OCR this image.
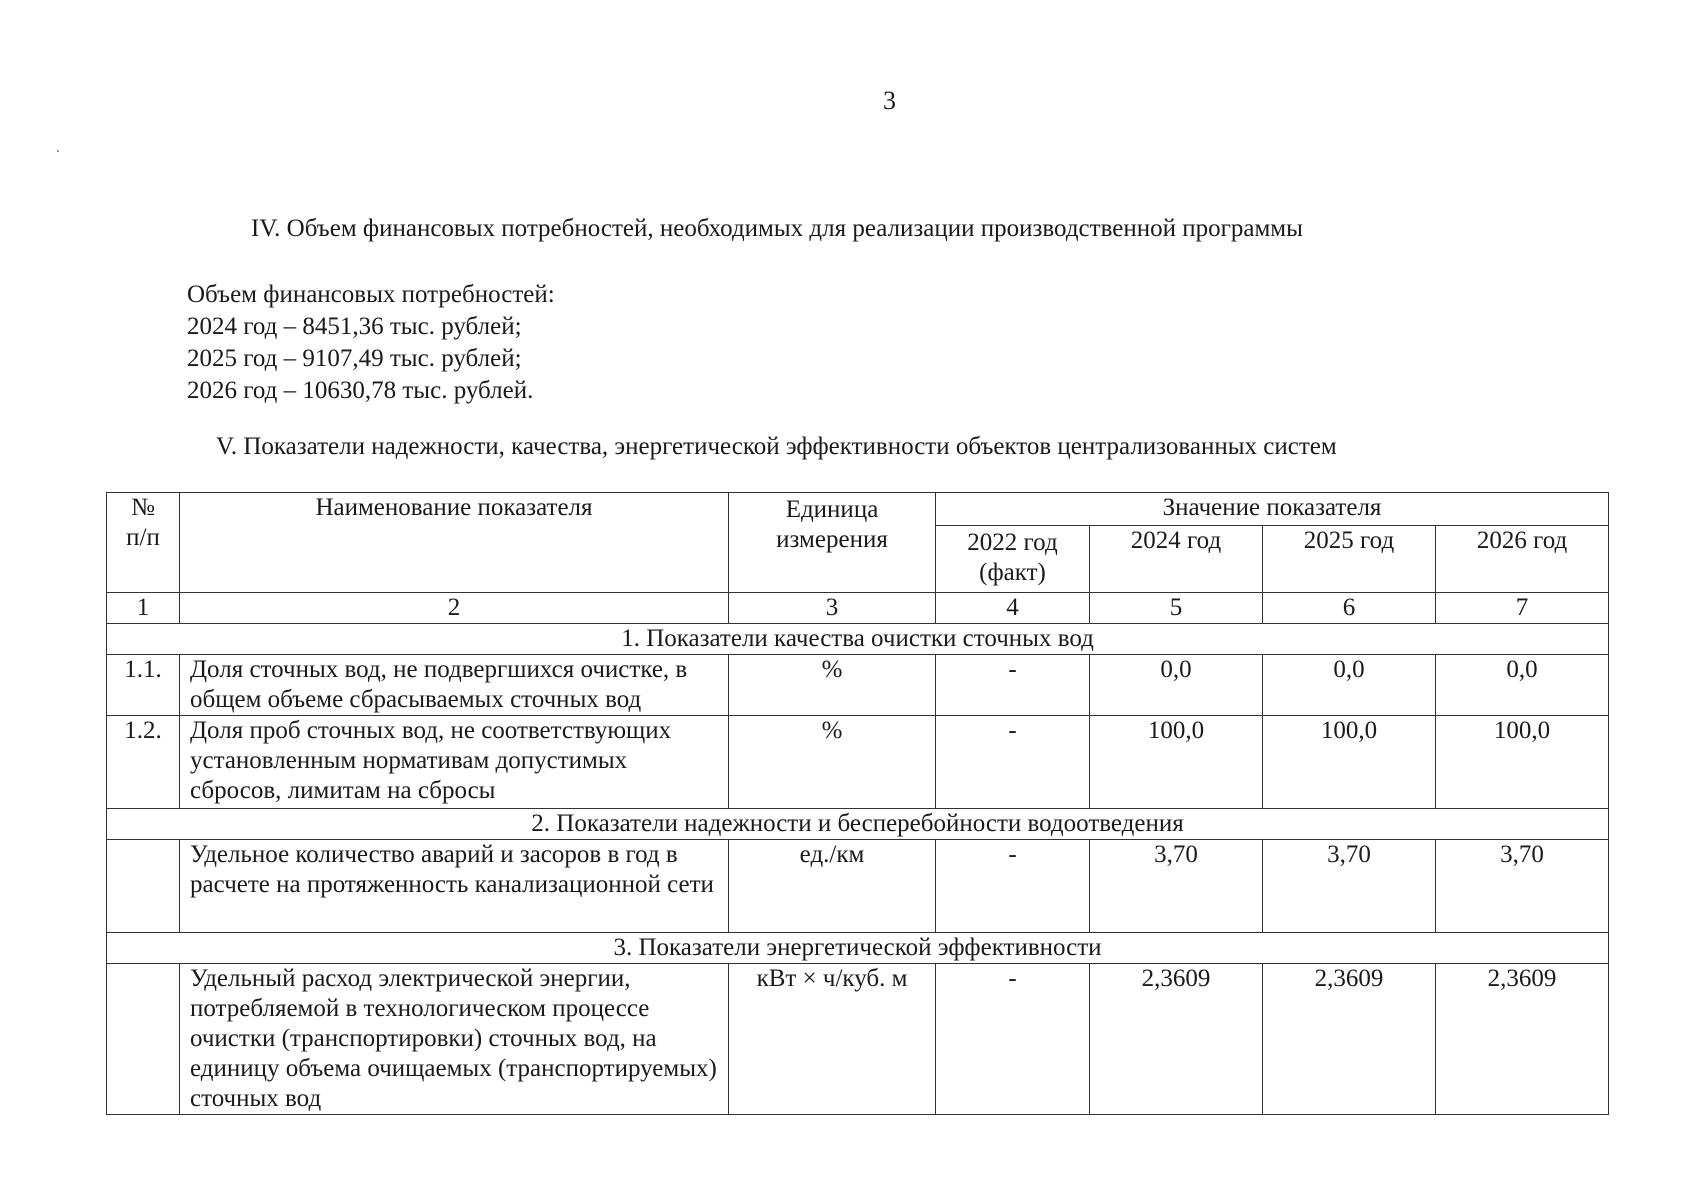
3
IV. Объем финансовых потребностей, необходимых для реализации производственной программы
Объем финансовых потребностей:
2024 год – 8451,36 тыс. рублей;
2025 год – 9107,49 тыс. рублей;
2026 год – 10630,78 тыс. рублей.
V. Показатели надежности, качества, энергетической эффективности объектов централизованных систем
№
п/п	Наименование показателя	Единица измерения	Значение показателя			
			2022 год (факт)	2024 год	2025 год	2026 год
1	2	3	4	5	6	7
1. Показатели качества очистки сточных вод						
1.1.	Доля сточных вод, не подвергшихся очистке, в общем объеме сбрасываемых сточных вод	%	-	0,0	0,0	0,0
1.2.	Доля проб сточных вод, не соответствующих установленным нормативам допустимых сбросов, лимитам на сбросы	%	-	100,0	100,0	100,0
2. Показатели надежности и бесперебойности водоотведения						
	Удельное количество аварий и засоров в год в расчете на протяженность канализационной сети	ед./км	-	3,70	3,70	3,70
3. Показатели энергетической эффективности						
	Удельный расход электрической энергии, потребляемой в технологическом процессе очистки (транспортировки) сточных вод, на единицу объема очищаемых (транспортируемых) сточных вод	кВт × ч/куб. м	-	2,3609	2,3609	2,3609
